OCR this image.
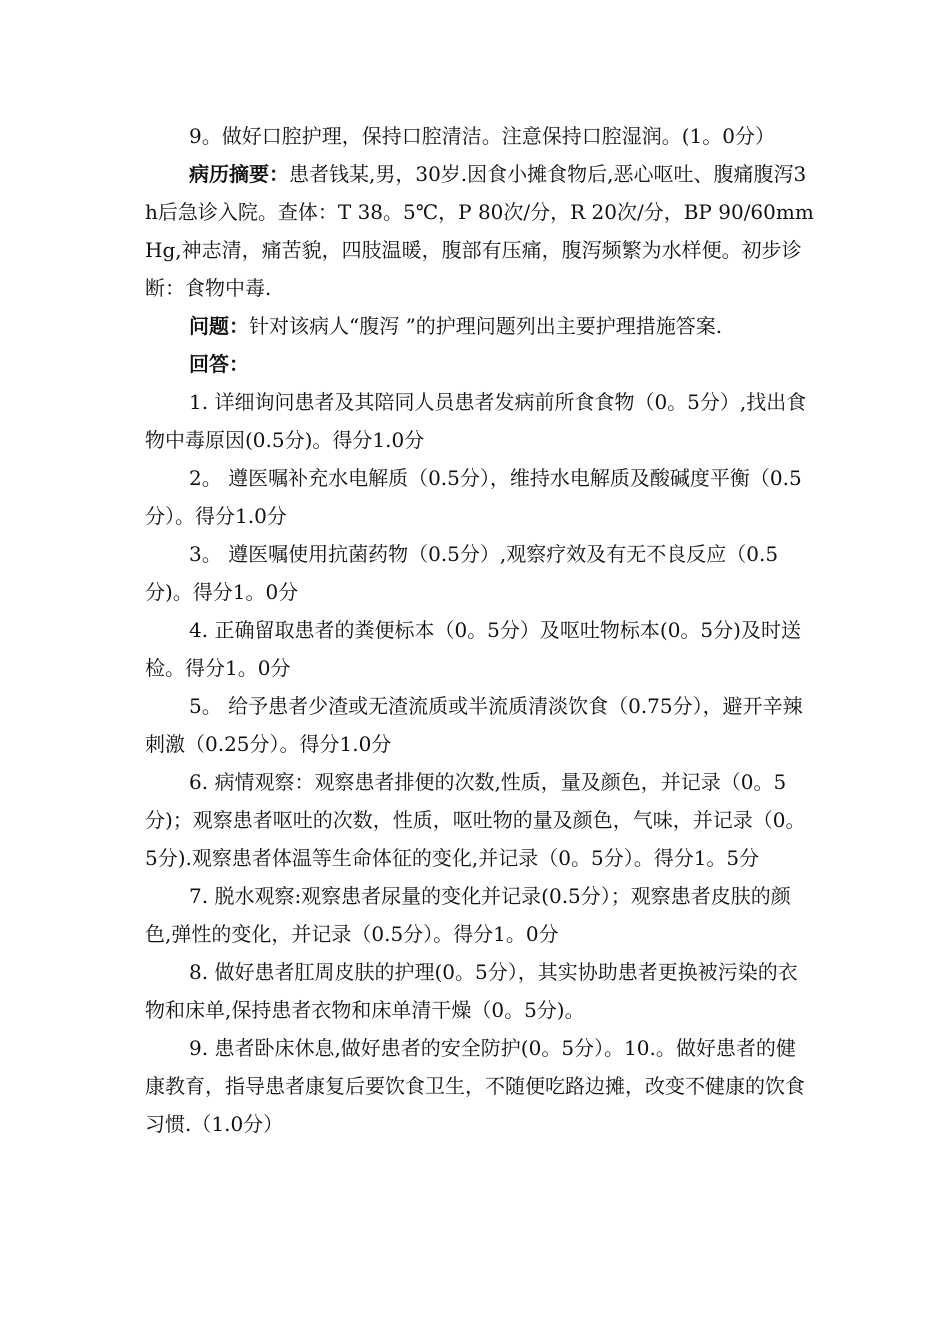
9。做好口腔护理，保持口腔清洁。注意保持口腔湿润。(1。0分）

病历摘要：患者钱某,男，30岁.因食小摊食物后,恶心呕吐、腹痛腹泻3h后急诊入院。查体：T 38。5℃，P 80次/分，R 20次/分，BP 90/60mmHg,神志清，痛苦貌，四肢温暖，腹部有压痛，腹泻频繁为水样便。初步诊断：食物中毒.

问题：针对该病人“腹泻 ”的护理问题列出主要护理措施答案.

回答：

1. 详细询问患者及其陪同人员患者发病前所食食物（0。5分）,找出食物中毒原因(0.5分)。得分1.0分

2。 遵医嘱补充水电解质（0.5分），维持水电解质及酸碱度平衡（0.5分）。得分1.0分

3。 遵医嘱使用抗菌药物（0.5分）,观察疗效及有无不良反应（0.5分)。得分1。0分

4. 正确留取患者的粪便标本（0。5分）及呕吐物标本(0。5分)及时送检。得分1。0分

5。 给予患者少渣或无渣流质或半流质清淡饮食（0.75分），避开辛辣刺激（0.25分）。得分1.0分

6. 病情观察：观察患者排便的次数,性质，量及颜色，并记录（0。5分)；观察患者呕吐的次数，性质，呕吐物的量及颜色，气味，并记录（0。5分).观察患者体温等生命体征的变化,并记录（0。5分）。得分1。5分

7. 脱水观察:观察患者尿量的变化并记录(0.5分）；观察患者皮肤的颜色,弹性的变化，并记录（0.5分）。得分1。0分

8. 做好患者肛周皮肤的护理(0。5分），其实协助患者更换被污染的衣物和床单,保持患者衣物和床单清干燥（0。5分)。

9. 患者卧床休息,做好患者的安全防护(0。5分）。10.。做好患者的健康教育，指导患者康复后要饮食卫生，不随便吃路边摊，改变不健康的饮食习惯.（1.0分）
